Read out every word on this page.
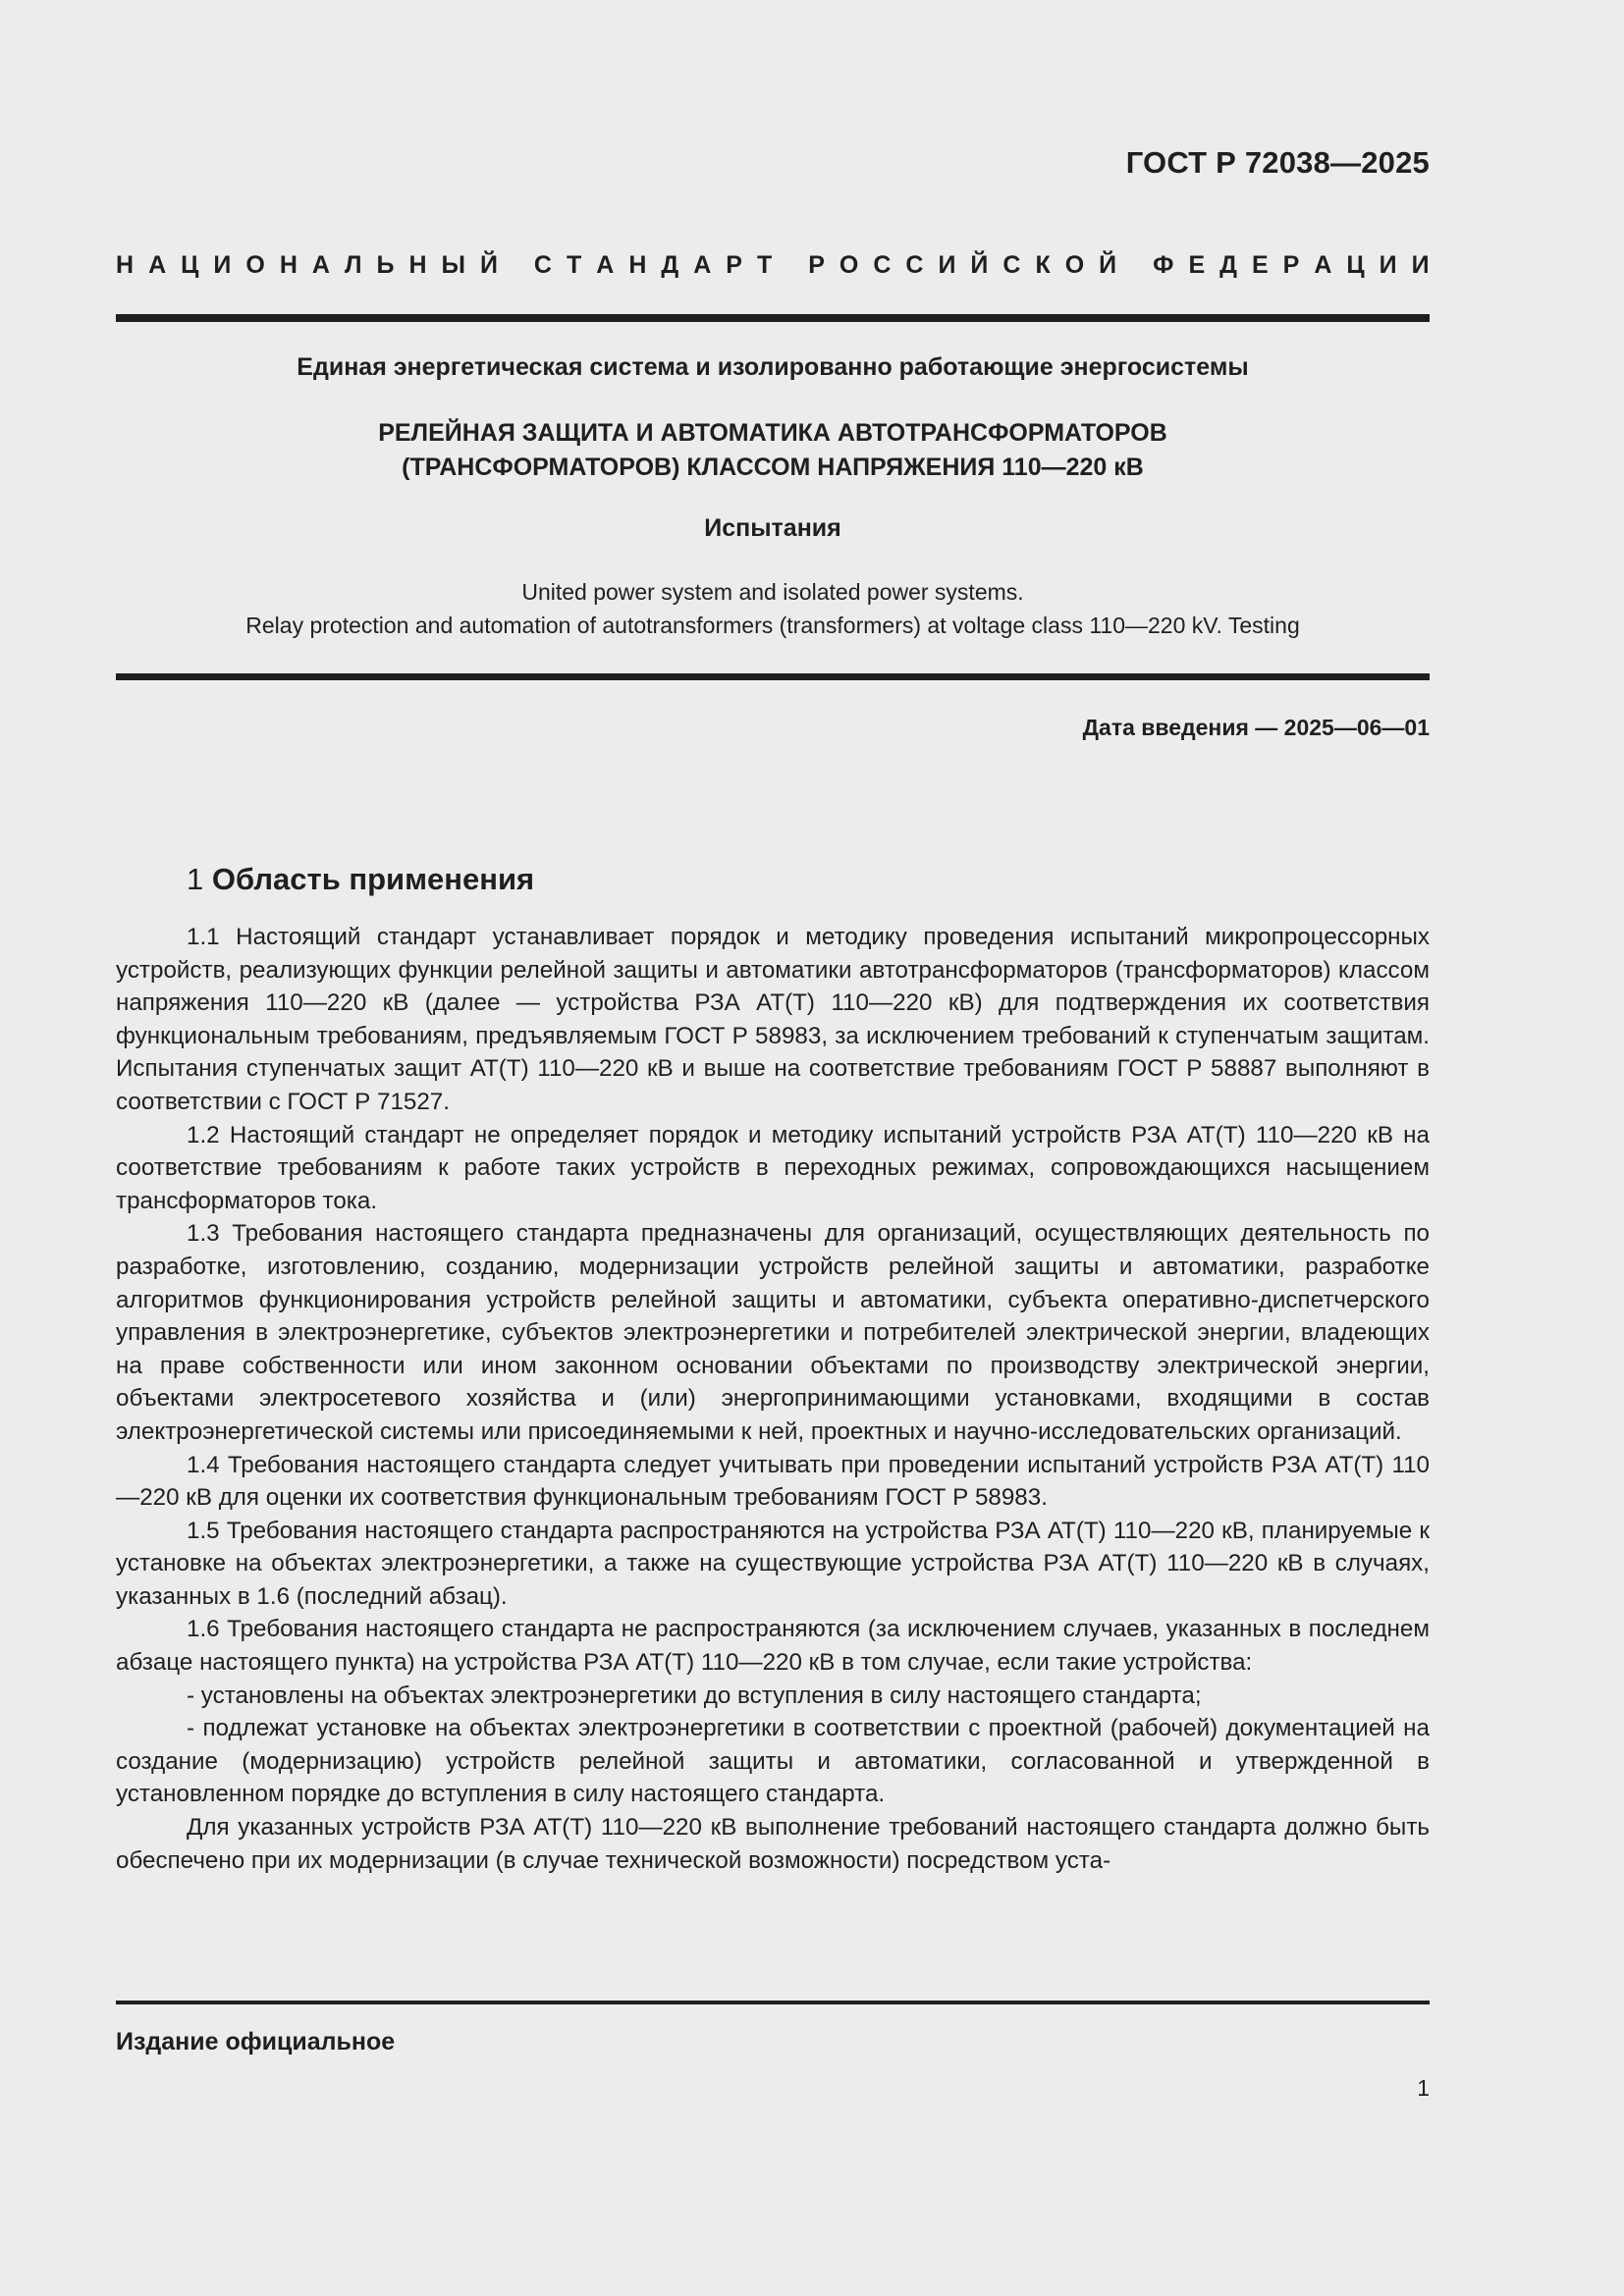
ГОСТ Р 72038—2025
Н А Ц И О Н А Л Ь Н Ы Й
С Т А Н Д А Р Т
Р О С С И Й С К О Й
Ф Е Д Е Р А Ц И И
Единая энергетическая система и изолированно работающие энергосистемы
РЕЛЕЙНАЯ ЗАЩИТА И АВТОМАТИКА АВТОТРАНСФОРМАТОРОВ
(ТРАНСФОРМАТОРОВ) КЛАССОМ НАПРЯЖЕНИЯ 110—220 кВ
Испытания
United power system and isolated power systems.
Relay protection and automation of autotransformers (transformers) at voltage class 110—220 kV. Testing
Дата введения — 2025—06—01
1 Область применения

1.1 Настоящий стандарт устанавливает порядок и методику проведения испытаний микропроцессорных устройств, реализующих функции релейной защиты и автоматики автотрансформаторов (трансформаторов) классом напряжения 110—220 кВ (далее — устройства РЗА АТ(Т) 110—220 кВ) для подтверждения их соответствия функциональным требованиям, предъявляемым ГОСТ Р 58983, за исключением требований к ступенчатым защитам. Испытания ступенчатых защит АТ(Т) 110—220 кВ и выше на соответствие требованиям ГОСТ Р 58887 выполняют в соответствии с ГОСТ Р 71527.

1.2 Настоящий стандарт не определяет порядок и методику испытаний устройств РЗА АТ(Т) 110—220 кВ на соответствие требованиям к работе таких устройств в переходных режимах, сопровождающихся насыщением трансформаторов тока.

1.3 Требования настоящего стандарта предназначены для организаций, осуществляющих деятельность по разработке, изготовлению, созданию, модернизации устройств релейной защиты и автоматики, разработке алгоритмов функционирования устройств релейной защиты и автоматики, субъекта оперативно-диспетчерского управления в электроэнергетике, субъектов электроэнергетики и потребителей электрической энергии, владеющих на праве собственности или ином законном основании объектами по производству электрической энергии, объектами электросетевого хозяйства и (или) энергопринимающими установками, входящими в состав электроэнергетической системы или присоединяемыми к ней, проектных и научно-исследовательских организаций.

1.4 Требования настоящего стандарта следует учитывать при проведении испытаний устройств РЗА АТ(Т) 110—220 кВ для оценки их соответствия функциональным требованиям ГОСТ Р 58983.

1.5 Требования настоящего стандарта распространяются на устройства РЗА АТ(Т) 110—220 кВ, планируемые к установке на объектах электроэнергетики, а также на существующие устройства РЗА АТ(Т) 110—220 кВ в случаях, указанных в 1.6 (последний абзац).

1.6 Требования настоящего стандарта не распространяются (за исключением случаев, указанных в последнем абзаце настоящего пункта) на устройства РЗА АТ(Т) 110—220 кВ в том случае, если такие устройства:

- установлены на объектах электроэнергетики до вступления в силу настоящего стандарта;

- подлежат установке на объектах электроэнергетики в соответствии с проектной (рабочей) документацией на создание (модернизацию) устройств релейной защиты и автоматики, согласованной и утвержденной в установленном порядке до вступления в силу настоящего стандарта.

Для указанных устройств РЗА АТ(Т) 110—220 кВ выполнение требований настоящего стандарта должно быть обеспечено при их модернизации (в случае технической возможности) посредством уста-

Издание официальное
1
